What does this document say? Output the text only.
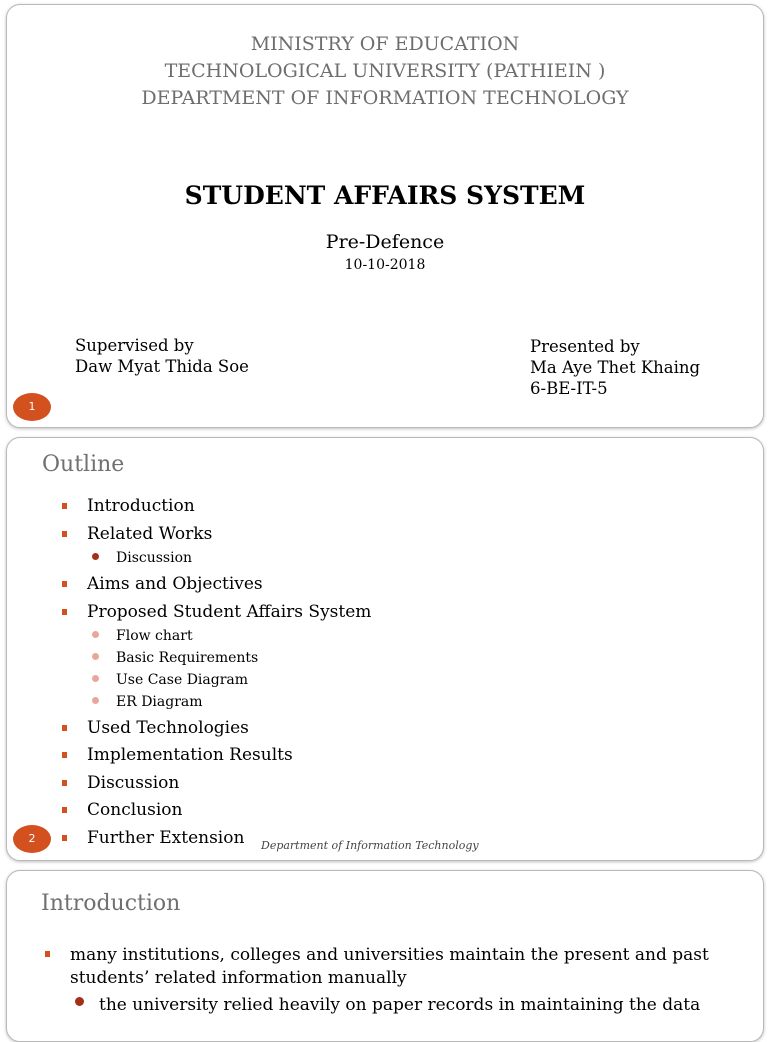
MINISTRY OF EDUCATION
TECHNOLOGICAL UNIVERSITY (PATHIEIN )
DEPARTMENT OF INFORMATION TECHNOLOGY
STUDENT AFFAIRS SYSTEM
Pre-Defence
10-10-2018
Supervised by
Daw Myat Thida Soe
Presented by
Ma Aye Thet Khaing
6-BE-IT-5
1
Outline
Introduction
Related Works
Discussion
Aims and Objectives
Proposed Student Affairs System
Flow chart
Basic Requirements
Use Case Diagram
ER Diagram
Used Technologies
Implementation Results
Discussion
Conclusion
Further Extension Department of Information Technology
2
Introduction
many institutions, colleges and universities maintain the present and past
students’ related information manually
the university relied heavily on paper records in maintaining the data
